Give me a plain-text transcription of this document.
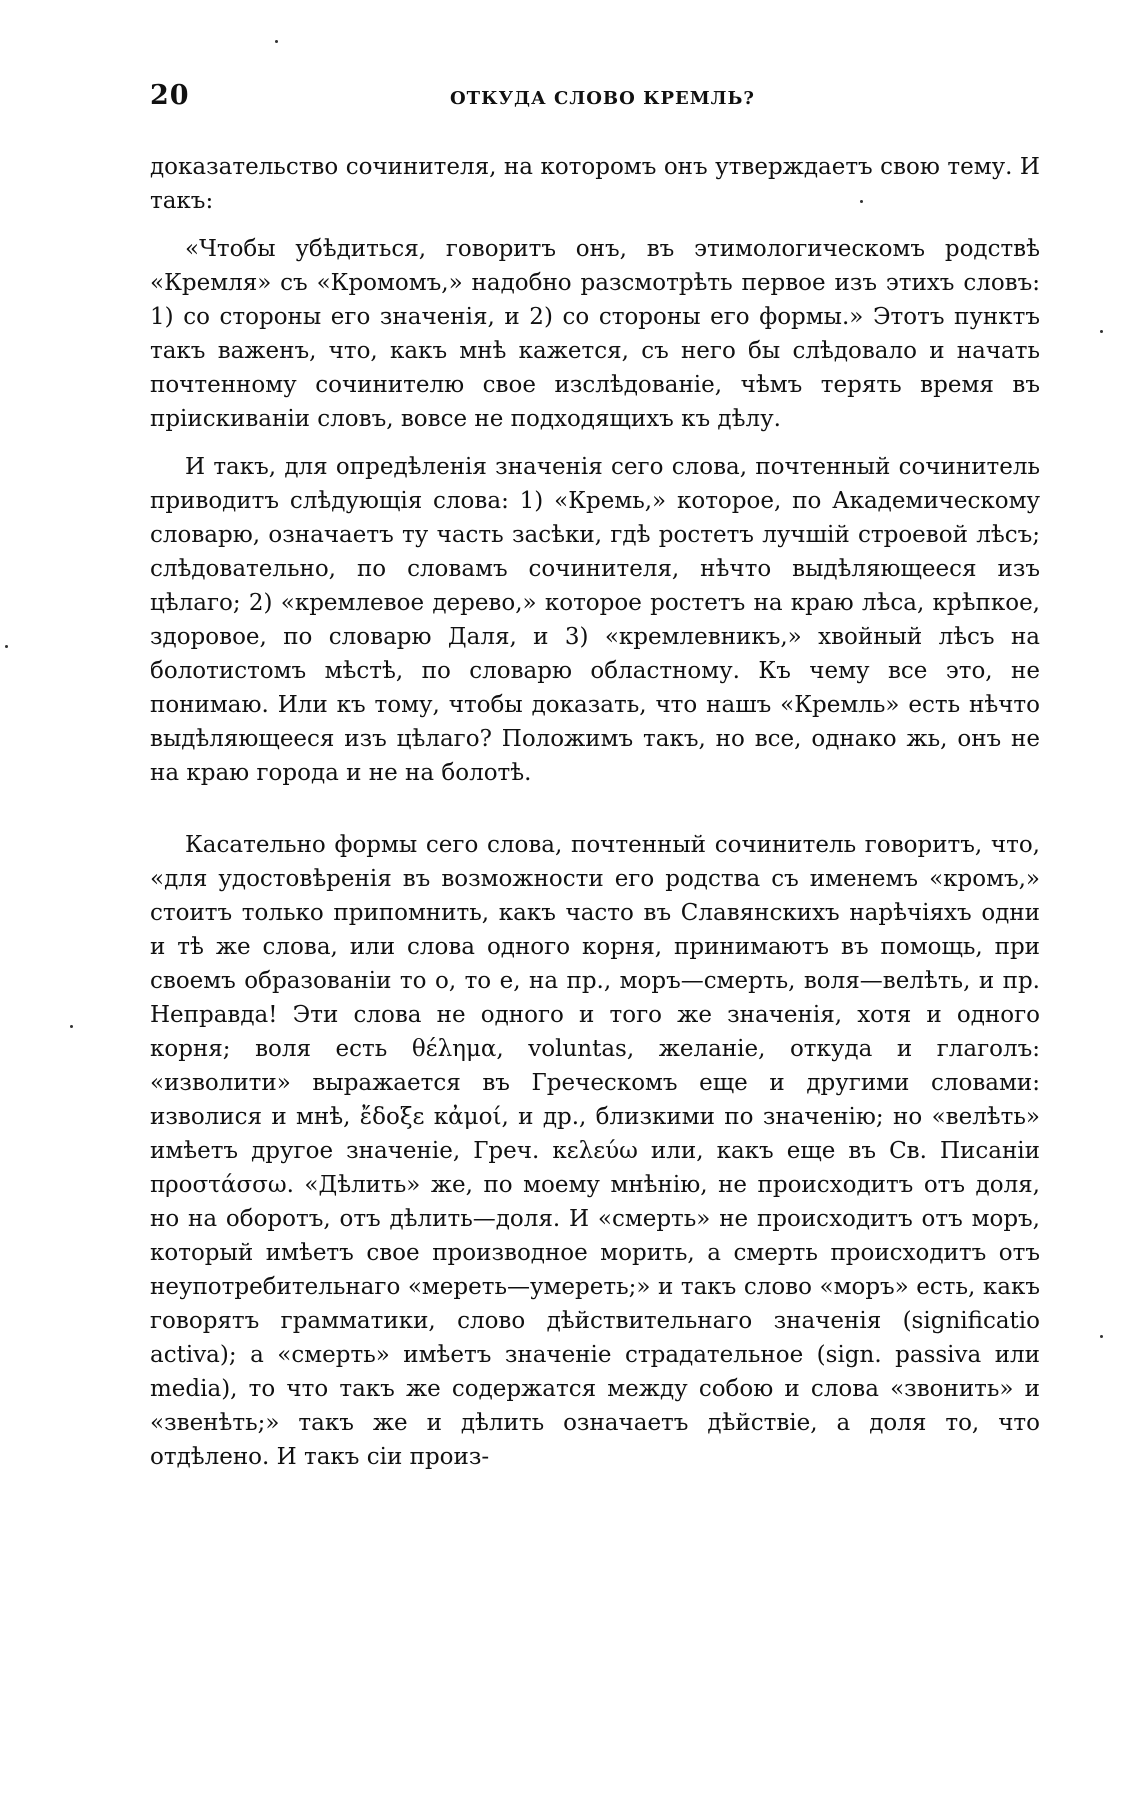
20	ОТКУДА СЛОВО КРЕМЛЬ?

доказательство сочинителя, на которомъ онъ утверждаетъ свою тему. И такъ:

«Чтобы убѣдиться, говоритъ онъ, въ этимологическомъ родствѣ «Кремля» съ «Кромомъ,» надобно разсмотрѣть первое изъ этихъ словъ: 1) со стороны его значенія, и 2) со стороны его формы.» Этотъ пунктъ такъ важенъ, что, какъ мнѣ кажется, съ него бы слѣдовало и начать почтенному сочинителю свое изслѣдованіе, чѣмъ терять время въ пріискиваніи словъ, вовсе не подходящихъ къ дѣлу.

И такъ, для опредѣленія значенія сего слова, почтенный сочинитель приводитъ слѣдующія слова: 1) «Кремь,» которое, по Академическому словарю, означаетъ ту часть засѣки, гдѣ ростетъ лучшій строевой лѣсъ; слѣдовательно, по словамъ сочинителя, нѣчто выдѣляющееся изъ цѣлаго; 2) «кремлевое дерево,» которое ростетъ на краю лѣса, крѣпкое, здоровое, по словарю Даля, и 3) «кремлевникъ,» хвойный лѣсъ на болотистомъ мѣстѣ, по словарю областному. Къ чему все это, не понимаю. Или къ тому, чтобы доказать, что нашъ «Кремль» есть нѣчто выдѣляющееся изъ цѣлаго? Положимъ такъ, но все, однако жь, онъ не на краю города и не на болотѣ.

Касательно формы сего слова, почтенный сочинитель говоритъ, что, «для удостовѣренія въ возможности его родства съ именемъ «кромъ,» стоитъ только припомнить, какъ часто въ Славянскихъ нарѣчіяхъ одни и тѣ же слова, или слова одного корня, принимаютъ въ помощь, при своемъ образованіи то о, то е, на пр., моръ—смерть, воля—велѣть, и пр. Неправда! Эти слова не одного и того же значенія, хотя и одного корня; воля есть θέλημα, voluntas, желаніе, откуда и глаголъ: «изволити» выражается въ Греческомъ еще и другими словами: изволися и мнѣ, ἔδοξε κἀμοί, и др., близкими по значенію; но «велѣть» имѣетъ другое значеніе, Греч. κελεύω или, какъ еще въ Св. Писаніи προστάσσω. «Дѣлить» же, по моему мнѣнію, не происходитъ отъ доля, но на оборотъ, отъ дѣлить—доля. И «смерть» не происходитъ отъ моръ, который имѣетъ свое производное морить, а смерть происходитъ отъ неупотребительнаго «мереть—умереть;» и такъ слово «моръ» есть, какъ говорятъ грамматики, слово дѣйствительнаго значенія (significatio activa); а «смерть» имѣетъ значеніе страдательное (sign. passiva или media), то что такъ же содержатся между собою и слова «звонить» и «звенѣть;» такъ же и дѣлить означаетъ дѣйствіе, а доля то, что отдѣлено. И такъ сіи произ-
